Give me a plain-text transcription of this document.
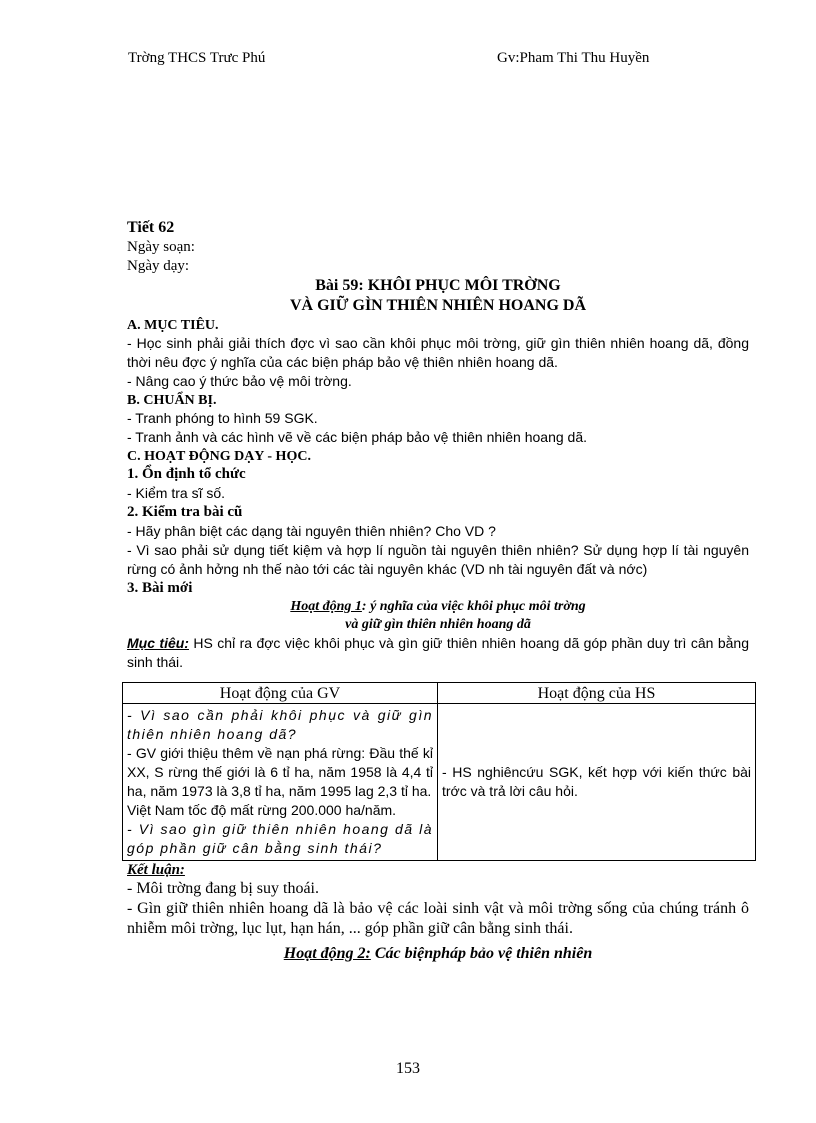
Trờng THCS Trưc Phú	Gv:Pham Thi Thu Huyền
Tiết 62
Ngày soạn:
Ngày dạy:
Bài 59: KHÔI PHỤC MÔI TRỜNG
VÀ GIỮ GÌN THIÊN NHIÊN HOANG DÃ
A. MỤC TIÊU.
- Học sinh phải giải thích đợc vì sao cần khôi phục môi trờng, giữ gìn thiên nhiên hoang dã, đồng thời nêu đợc ý nghĩa của các biện pháp bảo vệ thiên nhiên hoang dã.
- Nâng cao ý thức bảo vệ môi trờng.
B. CHUẨN BỊ.
- Tranh phóng to hình 59 SGK.
- Tranh ảnh và các hình vẽ về các biện pháp bảo vệ thiên nhiên hoang dã.
C. HOẠT ĐỘNG DẠY - HỌC.
1. Ổn định tổ chức
- Kiểm tra sĩ số.
2. Kiểm tra bài cũ
- Hãy phân biệt các dạng tài nguyên thiên nhiên? Cho VD ?
- Vì sao phải sử dụng tiết kiệm và hợp lí nguồn tài nguyên thiên nhiên? Sử dụng hợp lí tài nguyên rừng có ảnh hởng nh thế nào tới các tài nguyên khác (VD nh tài nguyên đất và nớc)
3. Bài mới
Hoạt động 1: ý nghĩa của việc khôi phục môi trờng
và giữ gìn thiên nhiên hoang dã
Mục tiêu: HS chỉ ra đợc việc khôi phục và gìn giữ thiên nhiên hoang dã góp phần duy trì cân bằng sinh thái.
Hoạt động của GV	Hoạt động của HS

- Vì sao cần phải khôi phục và giữ gìn thiên nhiên hoang dã?
- GV giới thiệu thêm về nạn phá rừng: Đầu thế kỉ XX, S rừng thế giới là 6 tỉ ha, năm 1958 là 4,4 tỉ ha, năm 1973 là 3,8 tỉ ha, năm 1995 lag 2,3 tỉ ha.
Việt Nam tốc độ mất rừng 200.000 ha/năm.
- Vì sao gìn giữ thiên nhiên hoang dã là góp phần giữ cân bằng sinh thái?	- HS nghiêncứu SGK, kết hợp với kiến thức bài trớc và trả lời câu hỏi.
Kết luận:
- Môi trờng đang bị suy thoái.
- Gìn giữ thiên nhiên hoang dã là bảo vệ các loài sinh vật và môi trờng sống của chúng tránh ô nhiễm môi trờng, lục lụt, hạn hán, ... góp phần giữ cân bằng sinh thái.
Hoạt động 2: Các biệnpháp bảo vệ thiên nhiên
153
